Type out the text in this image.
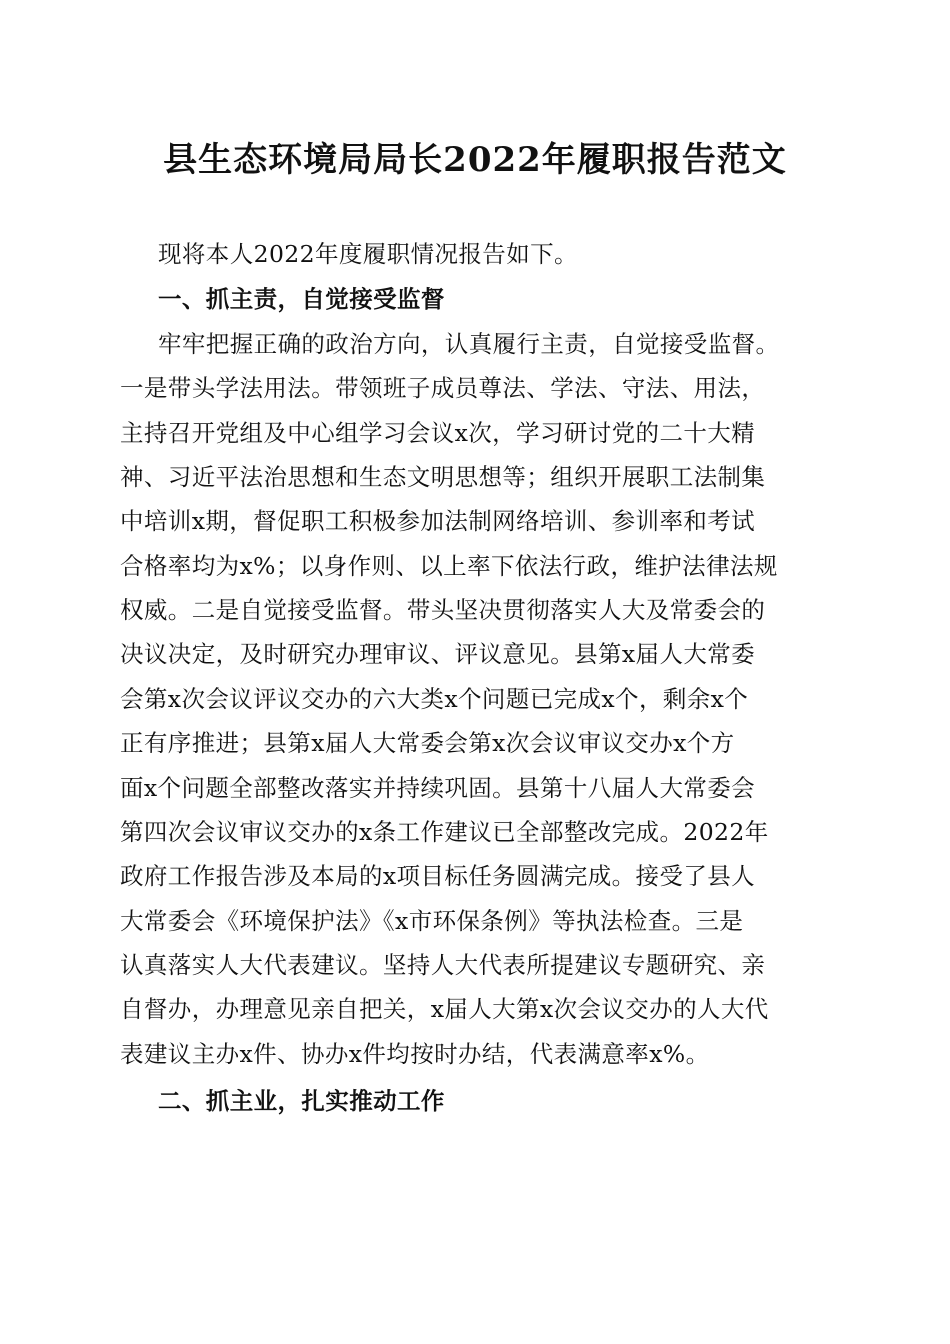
县生态环境局局长2022年履职报告范文
现将本人2022年度履职情况报告如下。
一、抓主责，自觉接受监督
牢牢把握正确的政治方向，认真履行主责，自觉接受监督。
一是带头学法用法。带领班子成员尊法、学法、守法、用法，
主持召开党组及中心组学习会议x次，学习研讨党的二十大精
神、习近平法治思想和生态文明思想等；组织开展职工法制集
中培训x期，督促职工积极参加法制网络培训、参训率和考试
合格率均为x%；以身作则、以上率下依法行政，维护法律法规
权威。二是自觉接受监督。带头坚决贯彻落实人大及常委会的
决议决定，及时研究办理审议、评议意见。县第x届人大常委
会第x次会议评议交办的六大类x个问题已完成x个，剩余x个
正有序推进；县第x届人大常委会第x次会议审议交办x个方
面x个问题全部整改落实并持续巩固。县第十八届人大常委会
第四次会议审议交办的x条工作建议已全部整改完成。2022年
政府工作报告涉及本局的x项目标任务圆满完成。接受了县人
大常委会《环境保护法》《x市环保条例》等执法检查。三是
认真落实人大代表建议。坚持人大代表所提建议专题研究、亲
自督办，办理意见亲自把关，x届人大第x次会议交办的人大代
表建议主办x件、协办x件均按时办结，代表满意率x%。
二、抓主业，扎实推动工作
